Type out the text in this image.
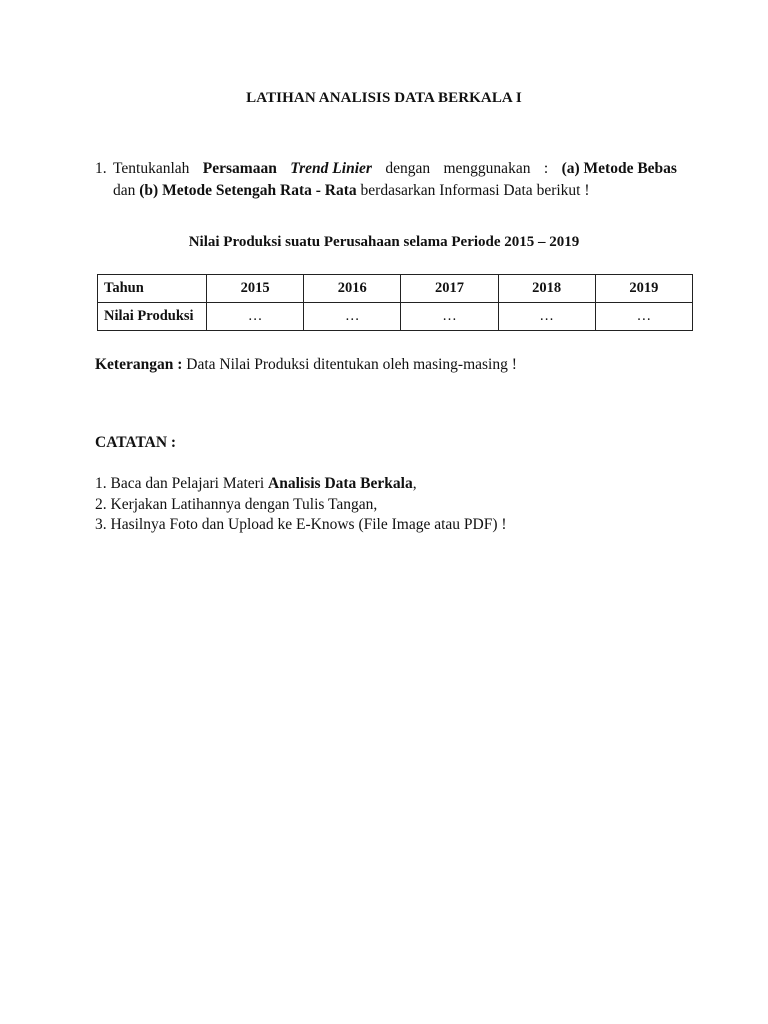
LATIHAN ANALISIS DATA BERKALA I
1. Tentukanlah Persamaan Trend Linier dengan menggunakan : (a) Metode Bebas
dan (b) Metode Setengah Rata - Rata berdasarkan Informasi Data berikut !
Nilai Produksi suatu Perusahaan selama Periode 2015 – 2019
Tahun	2015	2016	2017	2018	2019
Nilai Produksi	…	…	…	…	…
Keterangan : Data Nilai Produksi ditentukan oleh masing-masing !
CATATAN :
1. Baca dan Pelajari Materi Analisis Data Berkala,
2. Kerjakan Latihannya dengan Tulis Tangan,
3. Hasilnya Foto dan Upload ke E-Knows (File Image atau PDF) !
